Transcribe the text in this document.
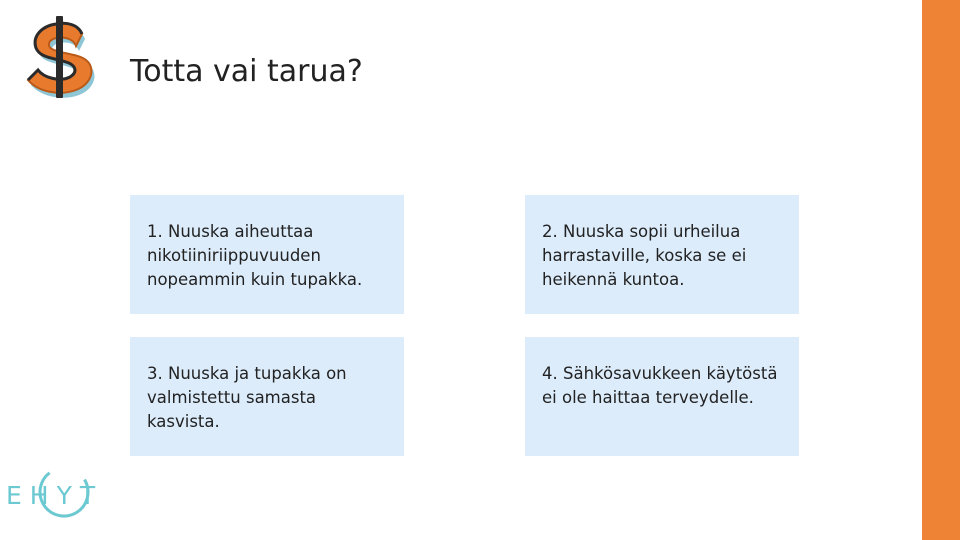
Totta vai tarua?
1. Nuuska aiheuttaa nikotiiniriippuvuuden nopeammin kuin tupakka.
2. Nuuska sopii urheilua harrastaville, koska se ei heikennä kuntoa.
3. Nuuska ja tupakka on valmistettu samasta kasvista.
4. Sähkösavukkeen käytöstä ei ole haittaa terveydelle.
EHYT
